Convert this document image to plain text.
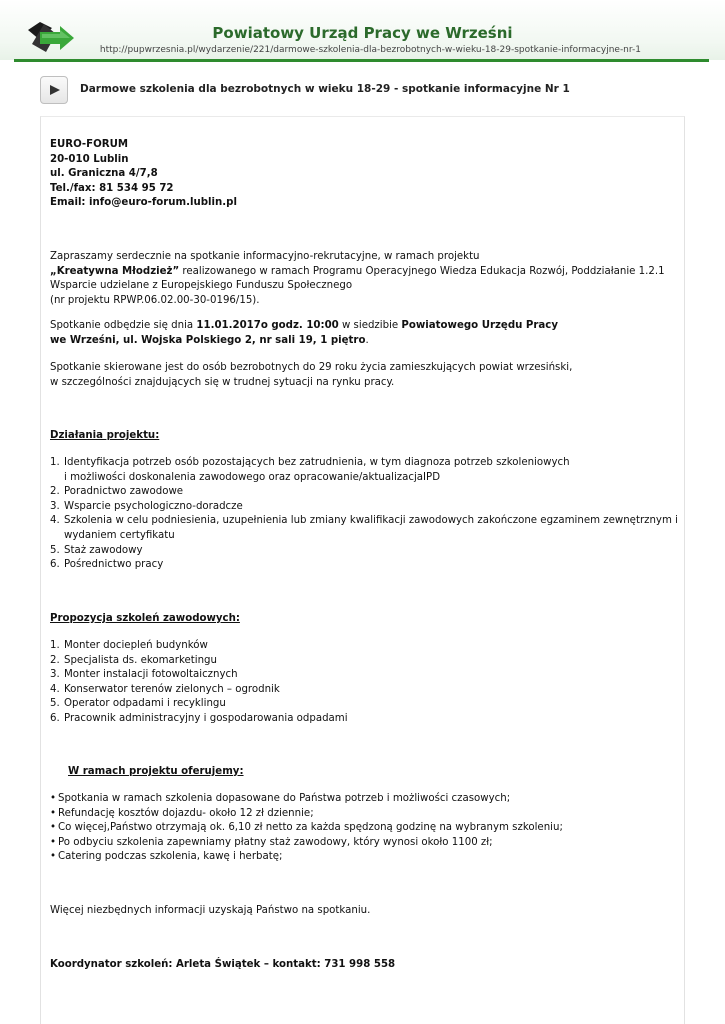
Powiatowy Urząd Pracy we Wrześni
http://pupwrzesnia.pl/wydarzenie/221/darmowe-szkolenia-dla-bezrobotnych-w-wieku-18-29-spotkanie-informacyjne-nr-1
Darmowe szkolenia dla bezrobotnych w wieku 18-29 - spotkanie informacyjne Nr 1

EURO-FORUM

20-010 Lublin

ul. Graniczna 4/7,8

Tel./fax: 81 534 95 72

Email: info@euro-forum.lublin.pl

Zapraszamy serdecznie na spotkanie informacyjno-rekrutacyjne, w ramach projektu

„Kreatywna Młodzież” realizowanego w ramach Programu Operacyjnego Wiedza Edukacja Rozwój, Poddziałanie 1.2.1

Wsparcie udzielane z Europejskiego Funduszu Społecznego

(nr projektu RPWP.06.02.00-30-0196/15).

Spotkanie odbędzie się dnia 11.01.2017o godz. 10:00 w siedzibie Powiatowego Urzędu Pracy

we Wrześni, ul. Wojska Polskiego 2, nr sali 19, 1 piętro.

Spotkanie skierowane jest do osób bezrobotnych do 29 roku życia zamieszkujących powiat wrzesiński,

w szczególności znajdujących się w trudnej sytuacji na rynku pracy.

Działania projektu:

1. Identyfikacja potrzeb osób pozostających bez zatrudnienia, w tym diagnoza potrzeb szkoleniowych
i możliwości doskonalenia zawodowego oraz opracowanie/aktualizacjaIPD
2. Poradnictwo zawodowe
3. Wsparcie psychologiczno-doradcze
4. Szkolenia w celu podniesienia, uzupełnienia lub zmiany kwalifikacji zawodowych zakończone egzaminem zewnętrznym i
wydaniem certyfikatu
5. Staż zawodowy
6. Pośrednictwo pracy

Propozycja szkoleń zawodowych:

1. Monter dociepleń budynków
2. Specjalista ds. ekomarketingu
3. Monter instalacji fotowoltaicznych
4. Konserwator terenów zielonych – ogrodnik
5. Operator odpadami i recyklingu
6. Pracownik administracyjny i gospodarowania odpadami

W ramach projektu oferujemy:

• Spotkania w ramach szkolenia dopasowane do Państwa potrzeb i możliwości czasowych;
• Refundację kosztów dojazdu- około 12 zł dziennie;
• Co więcej,Państwo otrzymają ok. 6,10 zł netto za każda spędzoną godzinę na wybranym szkoleniu;
• Po odbyciu szkolenia zapewniamy płatny staż zawodowy, który wynosi około 1100 zł;
• Catering podczas szkolenia, kawę i herbatę;

Więcej niezbędnych informacji uzyskają Państwo na spotkaniu.

Koordynator szkoleń: Arleta Świątek – kontakt: 731 998 558
